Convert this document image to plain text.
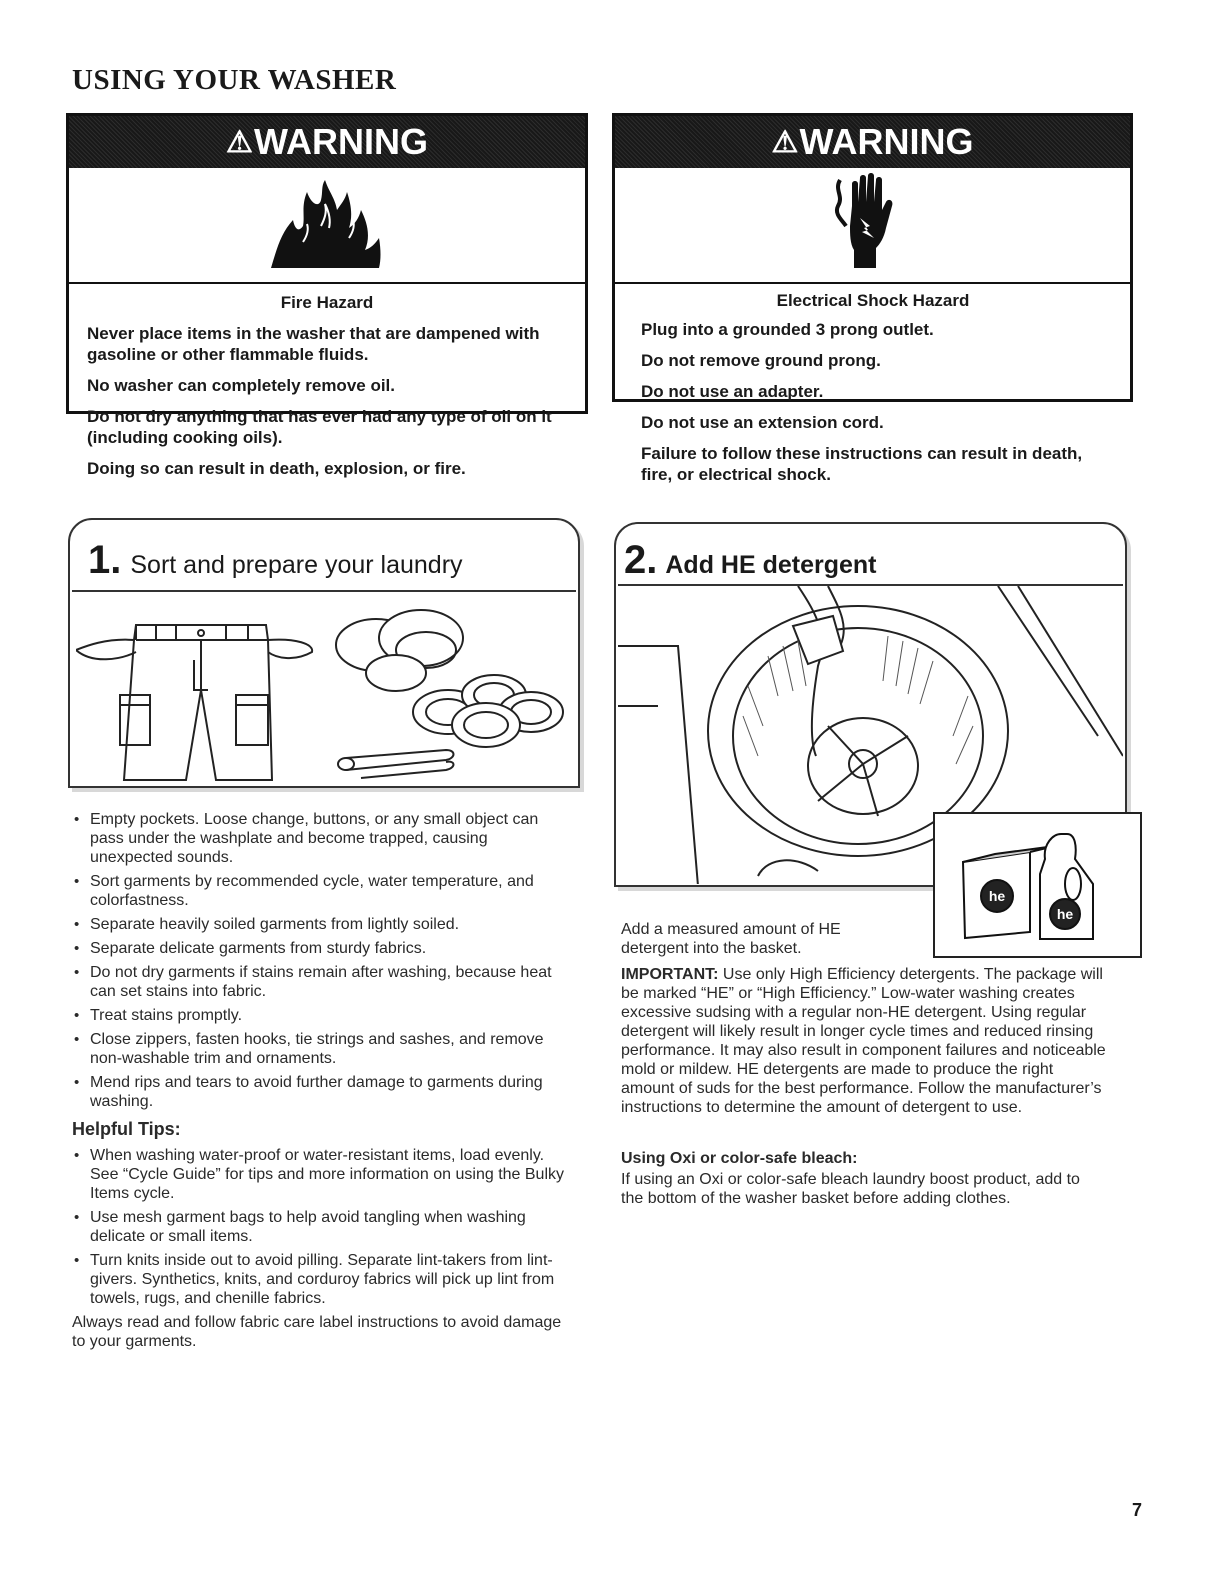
USING YOUR WASHER
⚠ WARNING
Fire Hazard
Never place items in the washer that are dampened with gasoline or other flammable fluids.
No washer can completely remove oil.
Do not dry anything that has ever had any type of oil on it (including cooking oils).
Doing so can result in death, explosion, or fire.
⚠ WARNING
Electrical Shock Hazard
Plug into a grounded 3 prong outlet.
Do not remove ground prong.
Do not use an adapter.
Do not use an extension cord.
Failure to follow these instructions can result in death, fire, or electrical shock.
1 . Sort and prepare your laundry
• Empty pockets. Loose change, buttons, or any small object can pass under the washplate and become trapped, causing unexpected sounds.
• Sort garments by recommended cycle, water temperature, and colorfastness.
• Separate heavily soiled garments from lightly soiled.
• Separate delicate garments from sturdy fabrics.
• Do not dry garments if stains remain after washing, because heat can set stains into fabric.
• Treat stains promptly.
• Close zippers, fasten hooks, tie strings and sashes, and remove non-washable trim and ornaments.
• Mend rips and tears to avoid further damage to garments during washing.
Helpful Tips:
• When washing water-proof or water-resistant items, load evenly. See “Cycle Guide” for tips and more information on using the Bulky Items cycle.
• Use mesh garment bags to help avoid tangling when washing delicate or small items.
• Turn knits inside out to avoid pilling. Separate lint-takers from lint-givers. Synthetics, knits, and corduroy fabrics will pick up lint from towels, rugs, and chenille fabrics.
Always read and follow fabric care label instructions to avoid damage to your garments.
2 . Add HE detergent
he
he
Add a measured amount of HE detergent into the basket.
IMPORTANT: Use only High Efficiency detergents. The package will be marked “HE” or “High Efficiency.” Low-water washing creates excessive sudsing with a regular non-HE detergent. Using regular detergent will likely result in longer cycle times and reduced rinsing performance. It may also result in component failures and noticeable mold or mildew. HE detergents are made to produce the right amount of suds for the best performance. Follow the manufacturer’s instructions to determine the amount of detergent to use.
Using Oxi or color-safe bleach:
If using an Oxi or color-safe bleach laundry boost product, add to the bottom of the washer basket before adding clothes.
7
